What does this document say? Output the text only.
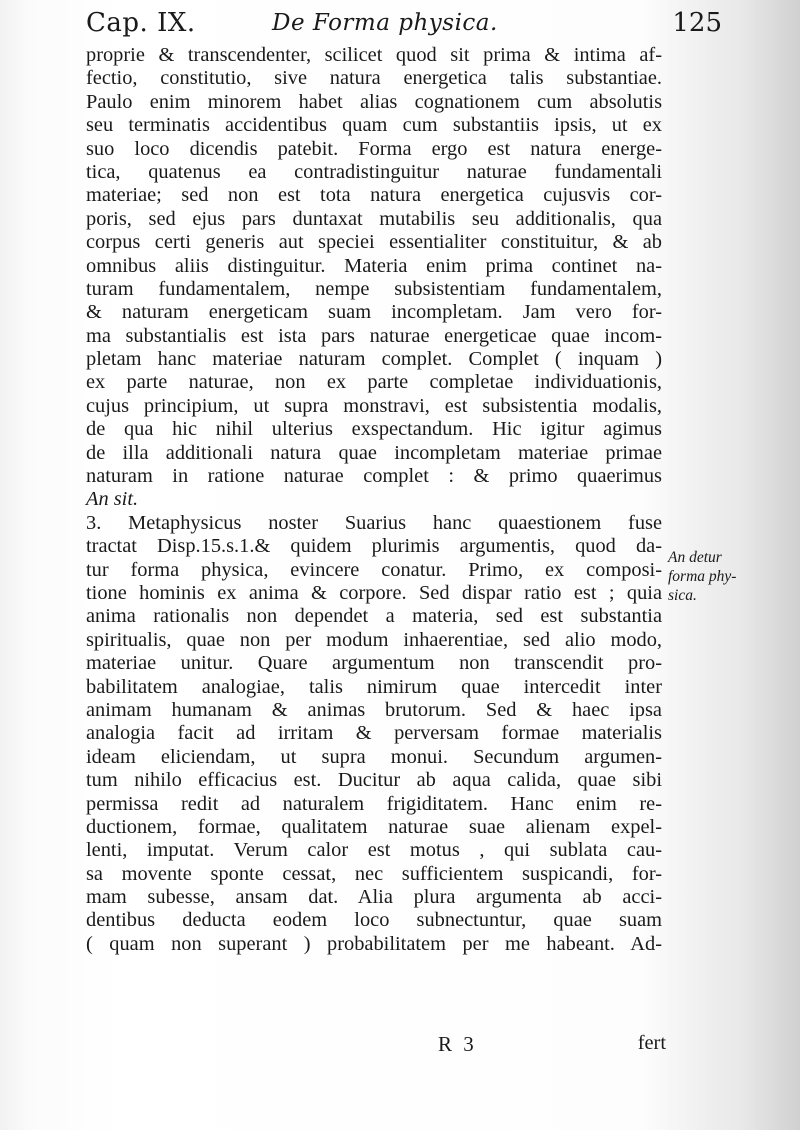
Cap. IX.	De Forma physica.	125

proprie & transcendenter, scilicet quod sit prima & intima af-
fectio, constitutio, sive natura energetica talis substantiae.
Paulo enim minorem habet alias cognationem cum absolutis
seu terminatis accidentibus quam cum substantiis ipsis, ut ex
suo loco dicendis patebit. Forma ergo est natura energe-
tica, quatenus ea contradistinguitur naturae fundamentali
materiae; sed non est tota natura energetica cujusvis cor-
poris, sed ejus pars duntaxat mutabilis seu additionalis, qua
corpus certi generis aut speciei essentialiter constituitur, & ab
omnibus aliis distinguitur. Materia enim prima continet na-
turam fundamentalem, nempe subsistentiam fundamentalem,
& naturam energeticam suam incompletam. Jam vero for-
ma substantialis est ista pars naturae energeticae quae incom-
pletam hanc materiae naturam complet. Complet ( inquam )
ex parte naturae, non ex parte completae individuationis,
cujus principium, ut supra monstravi, est subsistentia modalis,
de qua hic nihil ulterius exspectandum. Hic igitur agimus
de illa additionali natura quae incompletam materiae primae
naturam in ratione naturae complet : & primo quaerimus
An sit.

3. Metaphysicus noster Suarius hanc quaestionem fuse
tractat Disp.15.s.1.& quidem plurimis argumentis, quod da-
tur forma physica, evincere conatur. Primo, ex composi-
tione hominis ex anima & corpore. Sed dispar ratio est ; quia
anima rationalis non dependet a materia, sed est substantia
spiritualis, quae non per modum inhaerentiae, sed alio modo,
materiae unitur. Quare argumentum non transcendit pro-
babilitatem analogiae, talis nimirum quae intercedit inter
animam humanam & animas brutorum. Sed & haec ipsa
analogia facit ad irritam & perversam formae materialis
ideam eliciendam, ut supra monui. Secundum argumen-
tum nihilo efficacius est. Ducitur ab aqua calida, quae sibi
permissa redit ad naturalem frigiditatem. Hanc enim re-
ductionem, formae, qualitatem naturae suae alienam expel-
lenti, imputat. Verum calor est motus , qui sublata cau-
sa movente sponte cessat, nec sufficientem suspicandi, for-
mam subesse, ansam dat. Alia plura argumenta ab acci-
dentibus deducta eodem loco subnectuntur, quae suam
( quam non superant ) probabilitatem per me habeant. Ad-

An detur
forma phy-
sica.
R 3	fert
